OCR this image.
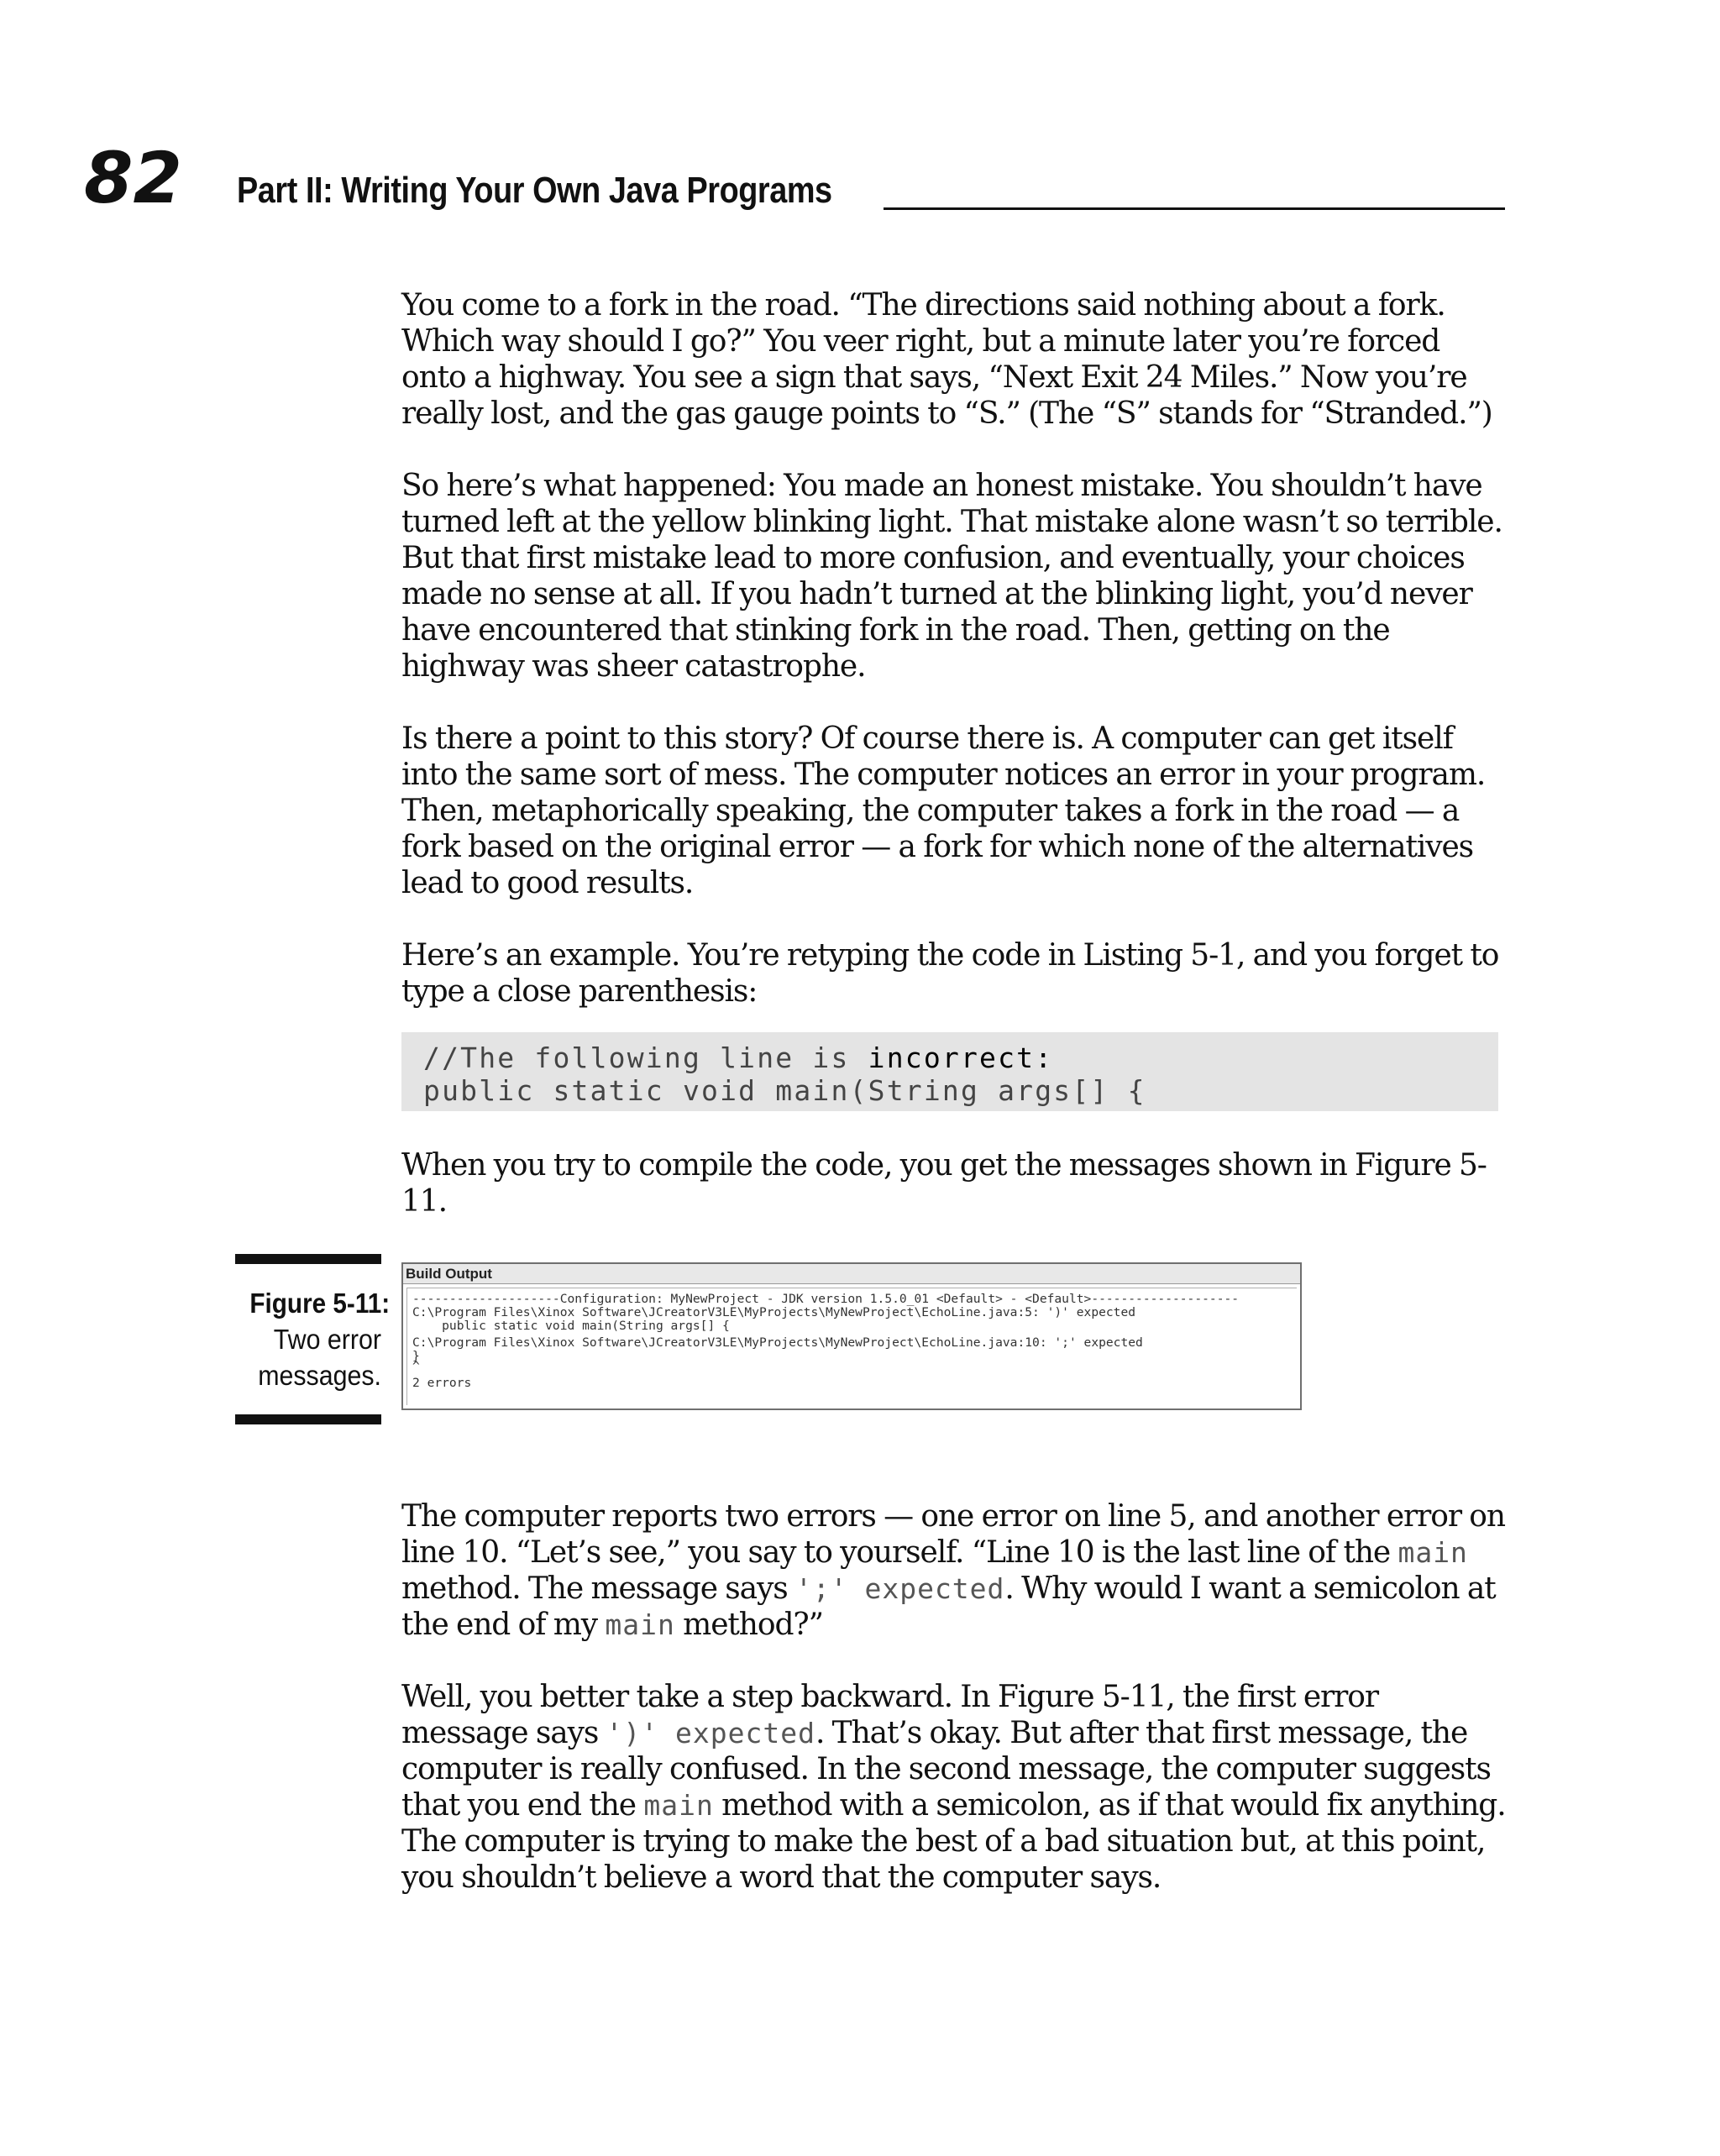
82 Part II: Writing Your Own Java Programs

You come to a fork in the road. “The directions said nothing about a fork. Which way should I go?” You veer right, but a minute later you’re forced onto a highway. You see a sign that says, “Next Exit 24 Miles.” Now you’re really lost, and the gas gauge points to “S.” (The “S” stands for “Stranded.”)

So here’s what happened: You made an honest mistake. You shouldn’t have turned left at the yellow blinking light. That mistake alone wasn’t so terrible. But that first mistake lead to more confusion, and eventually, your choices made no sense at all. If you hadn’t turned at the blinking light, you’d never have encountered that stinking fork in the road. Then, getting on the highway was sheer catastrophe.

Is there a point to this story? Of course there is. A computer can get itself into the same sort of mess. The computer notices an error in your program. Then, metaphorically speaking, the computer takes a fork in the road — a fork based on the original error — a fork for which none of the alternatives lead to good results.

Here’s an example. You’re retyping the code in Listing 5-1, and you forget to type a close parenthesis:

//The following line is incorrect:
public static void main(String args[] {

When you try to compile the code, you get the messages shown in Figure 5-11.

Figure 5-11:
Two error messages.
Build Output
--------------------Configuration: MyNewProject - JDK version 1.5.0_01 <Default> - <Default>--------------------
C:\Program Files\Xinox Software\JCreatorV3LE\MyProjects\MyNewProject\EchoLine.java:5: ')' expected
public static void main(String args[] {
C:\Program Files\Xinox Software\JCreatorV3LE\MyProjects\MyNewProject\EchoLine.java:10: ';' expected
}
^
2 errors

The computer reports two errors — one error on line 5, and another error on line 10. “Let’s see,” you say to yourself. “Line 10 is the last line of the main method. The message says ';' expected. Why would I want a semicolon at the end of my main method?”

Well, you better take a step backward. In Figure 5-11, the first error message says ')' expected. That’s okay. But after that first message, the computer is really confused. In the second message, the computer suggests that you end the main method with a semicolon, as if that would fix anything. The computer is trying to make the best of a bad situation but, at this point, you shouldn’t believe a word that the computer says.
